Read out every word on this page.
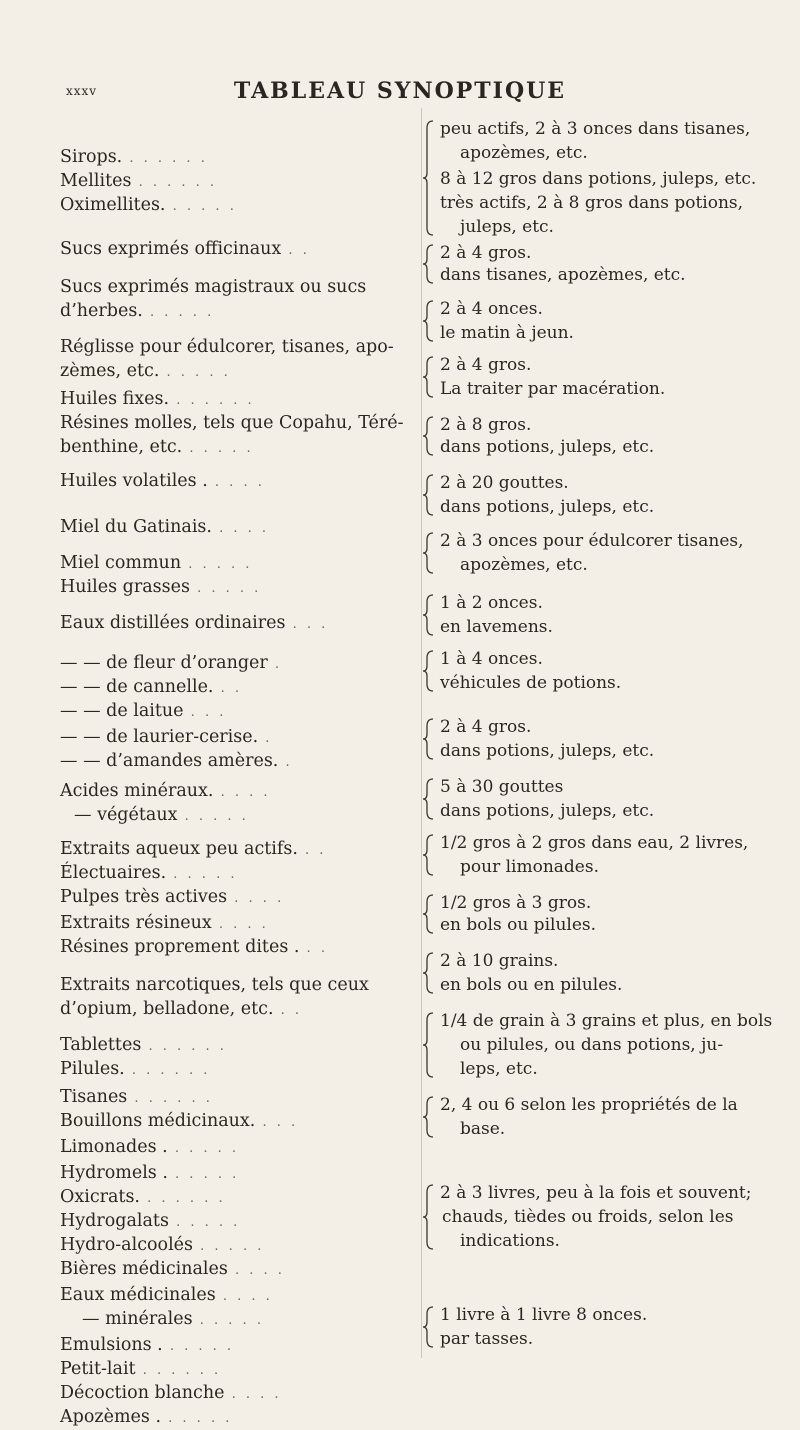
xxxv	TABLEAU SYNOPTIQUE
Sirops. . . . . . .
Mellites . . . . . .
Oximellites. . . . . .
Sucs exprimés officinaux . .
Sucs exprimés magistraux ou sucs
d’herbes. . . . . .
Réglisse pour édulcorer, tisanes, apo-
zèmes, etc. . . . . .
Huiles fixes. . . . . . .
Résines molles, tels que Copahu, Téré-
benthine, etc. . . . . .
Huiles volatiles . . . . .
Miel du Gatinais. . . . .
Miel commun . . . . .
Huiles grasses . . . . .
Eaux distillées ordinaires . . .
— — de fleur d’oranger .
— — de cannelle. . .
— — de laitue . . .
— — de laurier-cerise. .
— — d’amandes amères. .
Acides minéraux. . . . .
— végétaux . . . . .
Extraits aqueux peu actifs. . .
Électuaires. . . . . .
Pulpes très actives . . . .
Extraits résineux . . . .
Résines proprement dites . . .
Extraits narcotiques, tels que ceux
d’opium, belladone, etc. . .
Tablettes . . . . . .
Pilules. . . . . . .
Tisanes . . . . . .
Bouillons médicinaux. . . .
Limonades . . . . . .
Hydromels . . . . . .
Oxicrats. . . . . . .
Hydrogalats . . . . .
Hydro-alcoolés . . . . .
Bières médicinales . . . .
Eaux médicinales . . . .
— minérales . . . . .
Emulsions . . . . . .
Petit-lait . . . . . .
Décoction blanche . . . .
Apozèmes . . . . . .
peu actifs, 2 à 3 onces dans tisanes,
apozèmes, etc.
8 à 12 gros dans potions, juleps, etc.
très actifs, 2 à 8 gros dans potions,
juleps, etc.
2 à 4 gros.
dans tisanes, apozèmes, etc.
2 à 4 onces.
le matin à jeun.
2 à 4 gros.
La traiter par macération.
2 à 8 gros.
dans potions, juleps, etc.
2 à 20 gouttes.
dans potions, juleps, etc.
2 à 3 onces pour édulcorer tisanes,
apozèmes, etc.
1 à 2 onces.
en lavemens.
1 à 4 onces.
véhicules de potions.
2 à 4 gros.
dans potions, juleps, etc.
5 à 30 gouttes
dans potions, juleps, etc.
1/2 gros à 2 gros dans eau, 2 livres,
pour limonades.
1/2 gros à 3 gros.
en bols ou pilules.
2 à 10 grains.
en bols ou en pilules.
1/4 de grain à 3 grains et plus, en bols
ou pilules, ou dans potions, ju-
leps, etc.
2, 4 ou 6 selon les propriétés de la
base.
2 à 3 livres, peu à la fois et souvent;
chauds, tièdes ou froids, selon les
indications.
1 livre à 1 livre 8 onces.
par tasses.
